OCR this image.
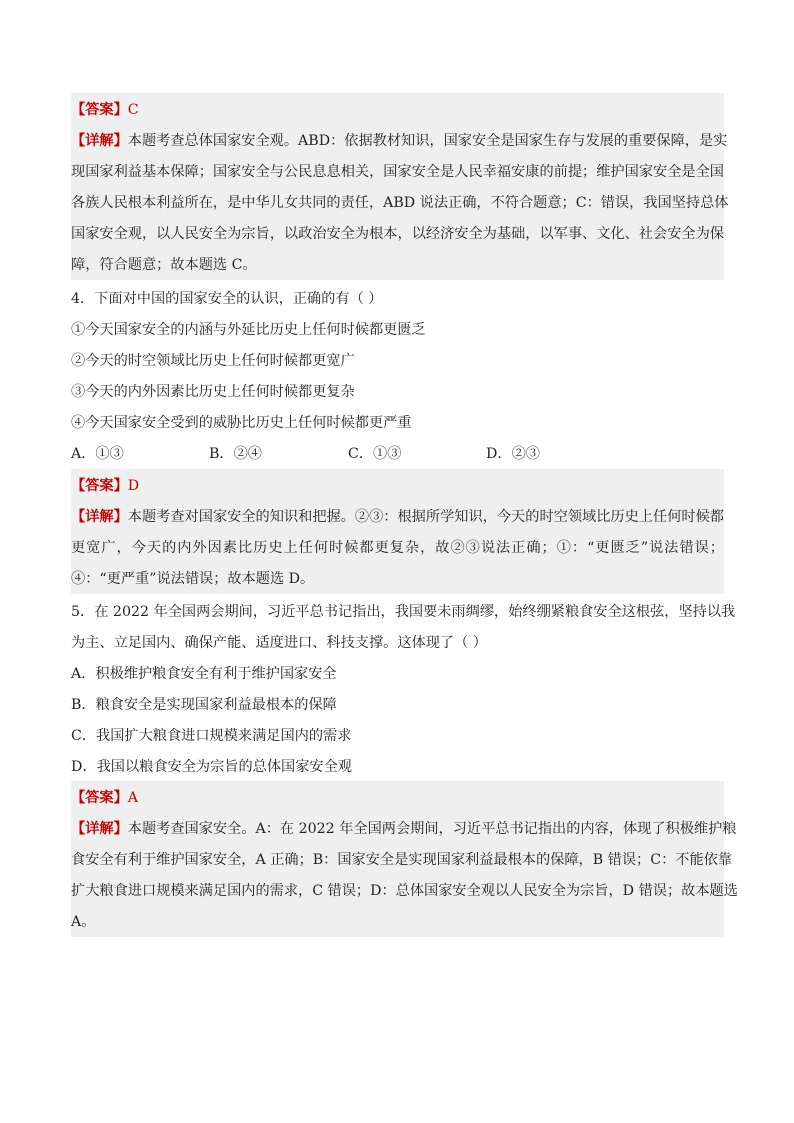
【答案】C
【详解】本题考查总体国家安全观。ABD：依据教材知识，国家安全是国家生存与发展的重要保障，是实
现国家利益基本保障；国家安全与公民息息相关，国家安全是人民幸福安康的前提；维护国家安全是全国
各族人民根本利益所在，是中华儿女共同的责任，ABD 说法正确，不符合题意；C：错误，我国坚持总体
国家安全观，以人民安全为宗旨，以政治安全为根本，以经济安全为基础，以军事、文化、社会安全为保
障，符合题意；故本题选 C。
4．下面对中国的国家安全的认识，正确的有（ ）
①今天国家安全的内涵与外延比历史上任何时候都更匮乏
②今天的时空领域比历史上任何时候都更宽广
③今天的内外因素比历史上任何时候都更复杂
④今天国家安全受到的威胁比历史上任何时候都更严重
A．①③	B．②④	C．①③	D．②③
【答案】D
【详解】本题考查对国家安全的知识和把握。②③：根据所学知识，今天的时空领域比历史上任何时候都
更宽广，今天的内外因素比历史上任何时候都更复杂，故②③说法正确；①：“更匮乏”说法错误；
④：“更严重”说法错误；故本题选 D。
5．在 2022 年全国两会期间，习近平总书记指出，我国要未雨绸缪，始终绷紧粮食安全这根弦，坚持以我
为主、立足国内、确保产能、适度进口、科技支撑。这体现了（ ）
A．积极维护粮食安全有利于维护国家安全
B．粮食安全是实现国家利益最根本的保障
C．我国扩大粮食进口规模来满足国内的需求
D．我国以粮食安全为宗旨的总体国家安全观
【答案】A
【详解】本题考查国家安全。A：在 2022 年全国两会期间，习近平总书记指出的内容，体现了积极维护粮
食安全有利于维护国家安全，A 正确；B：国家安全是实现国家利益最根本的保障，B 错误；C：不能依靠
扩大粮食进口规模来满足国内的需求，C 错误；D：总体国家安全观以人民安全为宗旨，D 错误；故本题选
A。
